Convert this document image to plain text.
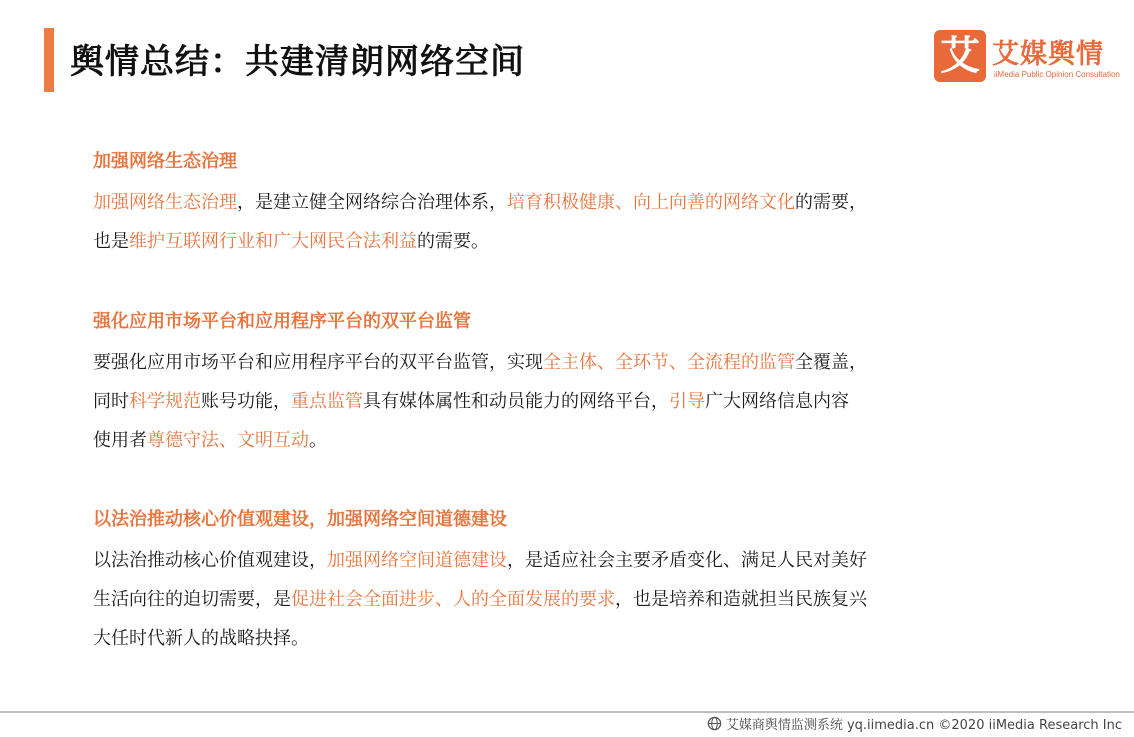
舆情总结：共建清朗网络空间	艾 艾媒舆情
iiMedia Public Opinion Consultation
加强网络生态治理

加强网络生态治理，是建立健全网络综合治理体系，培育积极健康、向上向善的网络文化的需要，

也是维护互联网行业和广大网民合法利益的需要。

强化应用市场平台和应用程序平台的双平台监管

要强化应用市场平台和应用程序平台的双平台监管，实现全主体、全环节、全流程的监管全覆盖，

同时科学规范账号功能，重点监管具有媒体属性和动员能力的网络平台，引导广大网络信息内容

使用者尊德守法、文明互动。

以法治推动核心价值观建设，加强网络空间道德建设

以法治推动核心价值观建设，加强网络空间道德建设，是适应社会主要矛盾变化、满足人民对美好

生活向往的迫切需要，是促进社会全面进步、人的全面发展的要求，也是培养和造就担当民族复兴

大任时代新人的战略抉择。

艾媒商舆情监测系统 yq.iimedia.cn ©2020 iiMedia Research Inc
